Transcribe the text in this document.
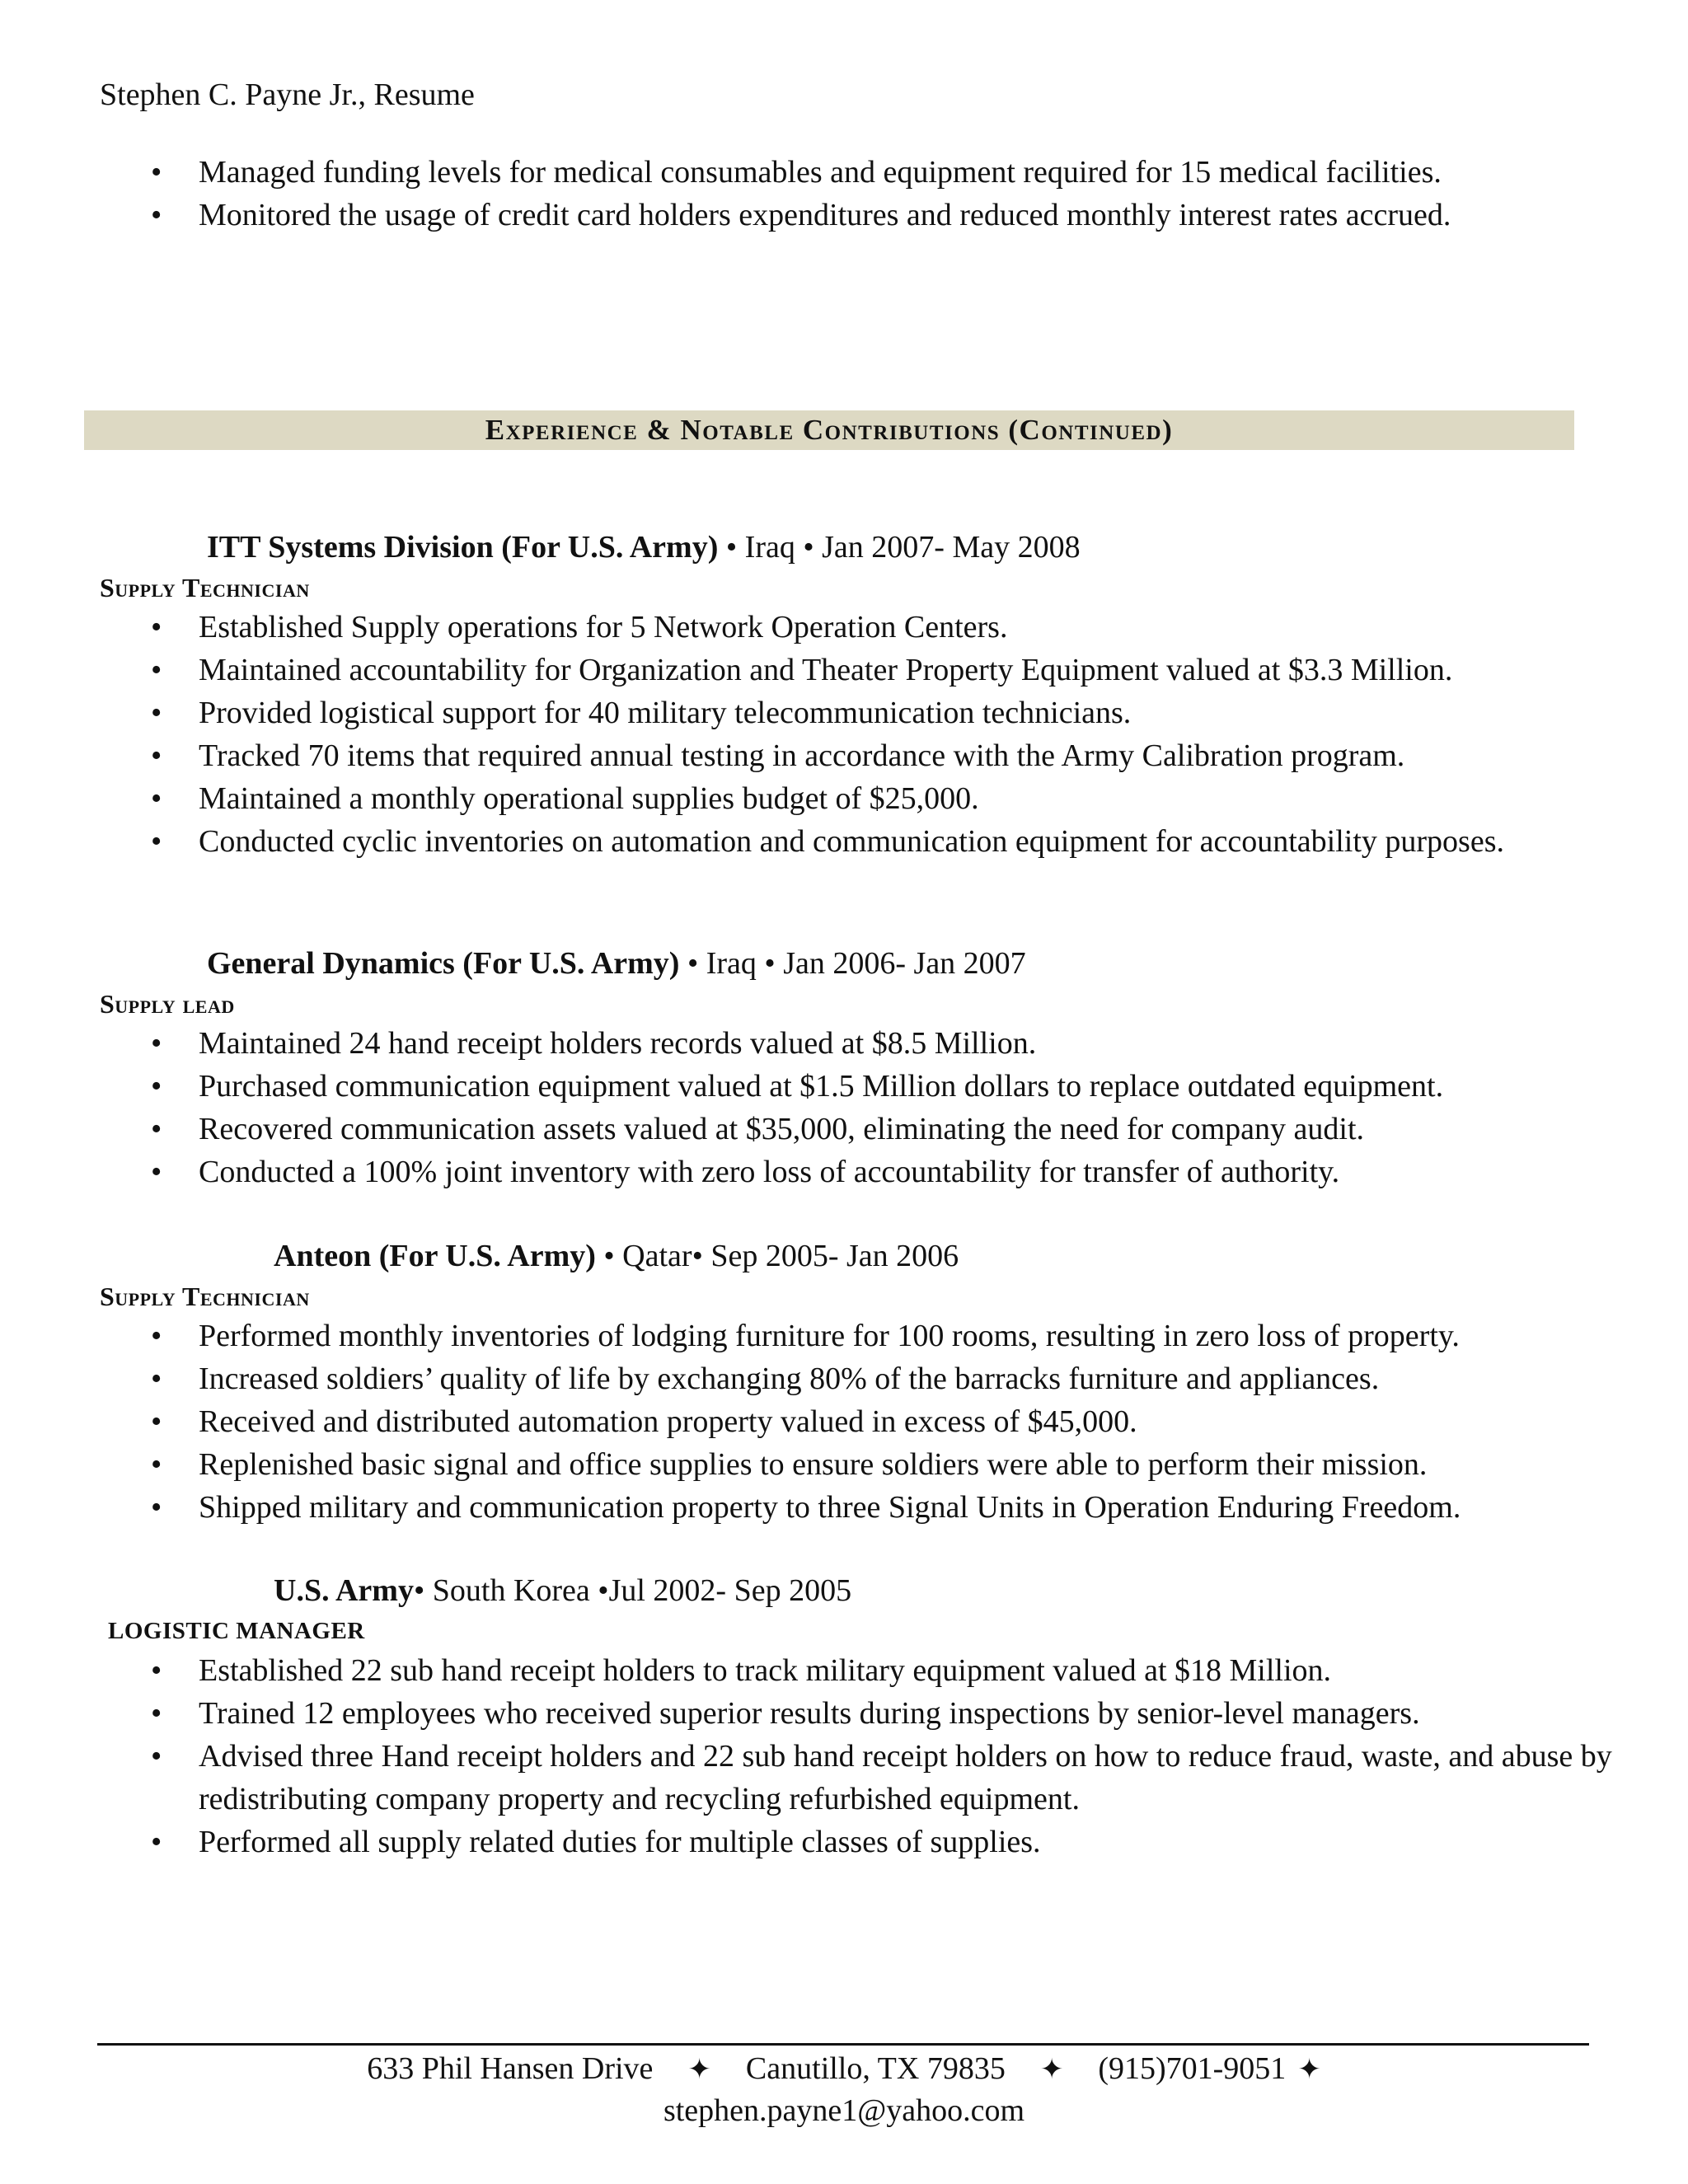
Stephen C. Payne Jr., Resume
• Managed funding levels for medical consumables and equipment required for 15 medical facilities.
• Monitored the usage of credit card holders expenditures and reduced monthly interest rates accrued.
Experience & Notable Contributions (Continued)
ITT Systems Division (For U.S. Army) • Iraq • Jan 2007- May 2008
Supply Technician
• Established Supply operations for 5 Network Operation Centers.
• Maintained accountability for Organization and Theater Property Equipment valued at $3.3 Million.
• Provided logistical support for 40 military telecommunication technicians.
• Tracked 70 items that required annual testing in accordance with the Army Calibration program.
• Maintained a monthly operational supplies budget of $25,000.
• Conducted cyclic inventories on automation and communication equipment for accountability purposes.
General Dynamics (For U.S. Army) • Iraq • Jan 2006- Jan 2007
Supply lead
• Maintained 24 hand receipt holders records valued at $8.5 Million.
• Purchased communication equipment valued at $1.5 Million dollars to replace outdated equipment.
• Recovered communication assets valued at $35,000, eliminating the need for company audit.
• Conducted a 100% joint inventory with zero loss of accountability for transfer of authority.
Anteon (For U.S. Army) • Qatar• Sep 2005- Jan 2006
Supply Technician
• Performed monthly inventories of lodging furniture for 100 rooms, resulting in zero loss of property.
• Increased soldiers’ quality of life by exchanging 80% of the barracks furniture and appliances.
• Received and distributed automation property valued in excess of $45,000.
• Replenished basic signal and office supplies to ensure soldiers were able to perform their mission.
• Shipped military and communication property to three Signal Units in Operation Enduring Freedom.
U.S. Army• South Korea •Jul 2002- Sep 2005
LOGISTIC MANAGER
• Established 22 sub hand receipt holders to track military equipment valued at $18 Million.
• Trained 12 employees who received superior results during inspections by senior-level managers.
• Advised three Hand receipt holders and 22 sub hand receipt holders on how to reduce fraud, waste, and abuse by redistributing company property and recycling refurbished equipment.
• Performed all supply related duties for multiple classes of supplies.
633 Phil Hansen Drive ✦ Canutillo, TX 79835 ✦ (915)701-9051 ✦
stephen.payne1@yahoo.com
